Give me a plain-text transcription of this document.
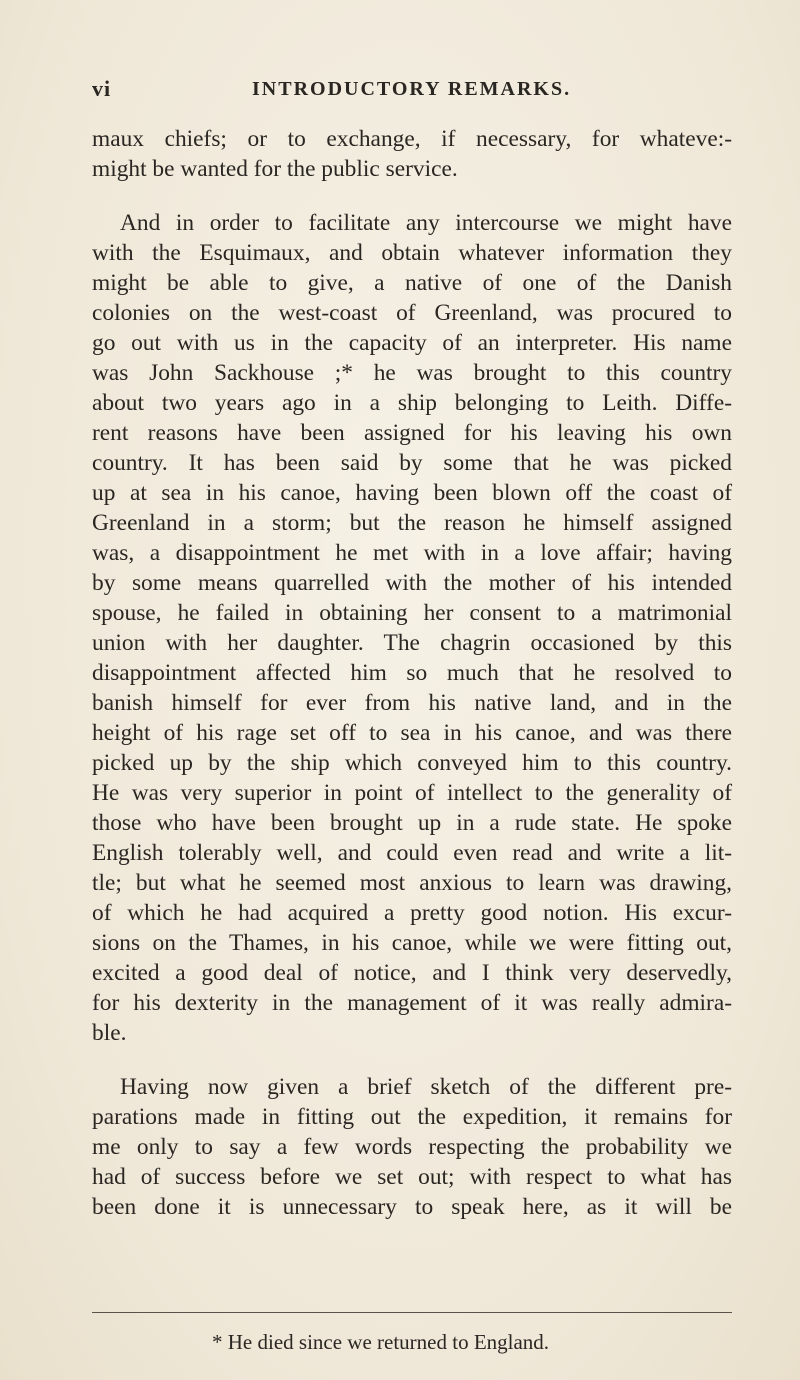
vi	INTRODUCTORY REMARKS.
maux chiefs; or to exchange, if necessary, for whateve:-
might be wanted for the public service.
And in order to facilitate any intercourse we might have
with the Esquimaux, and obtain whatever information they
might be able to give, a native of one of the Danish
colonies on the west-coast of Greenland, was procured to
go out with us in the capacity of an interpreter. His name
was John Sackhouse ;* he was brought to this country
about two years ago in a ship belonging to Leith. Diffe-
rent reasons have been assigned for his leaving his own
country. It has been said by some that he was picked
up at sea in his canoe, having been blown off the coast of
Greenland in a storm; but the reason he himself assigned
was, a disappointment he met with in a love affair; having
by some means quarrelled with the mother of his intended
spouse, he failed in obtaining her consent to a matrimonial
union with her daughter. The chagrin occasioned by this
disappointment affected him so much that he resolved to
banish himself for ever from his native land, and in the
height of his rage set off to sea in his canoe, and was there
picked up by the ship which conveyed him to this country.
He was very superior in point of intellect to the generality of
those who have been brought up in a rude state. He spoke
English tolerably well, and could even read and write a lit-
tle; but what he seemed most anxious to learn was drawing,
of which he had acquired a pretty good notion. His excur-
sions on the Thames, in his canoe, while we were fitting out,
excited a good deal of notice, and I think very deservedly,
for his dexterity in the management of it was really admira-
ble.
Having now given a brief sketch of the different pre-
parations made in fitting out the expedition, it remains for
me only to say a few words respecting the probability we
had of success before we set out; with respect to what has
been done it is unnecessary to speak here, as it will be
* He died since we returned to England.
